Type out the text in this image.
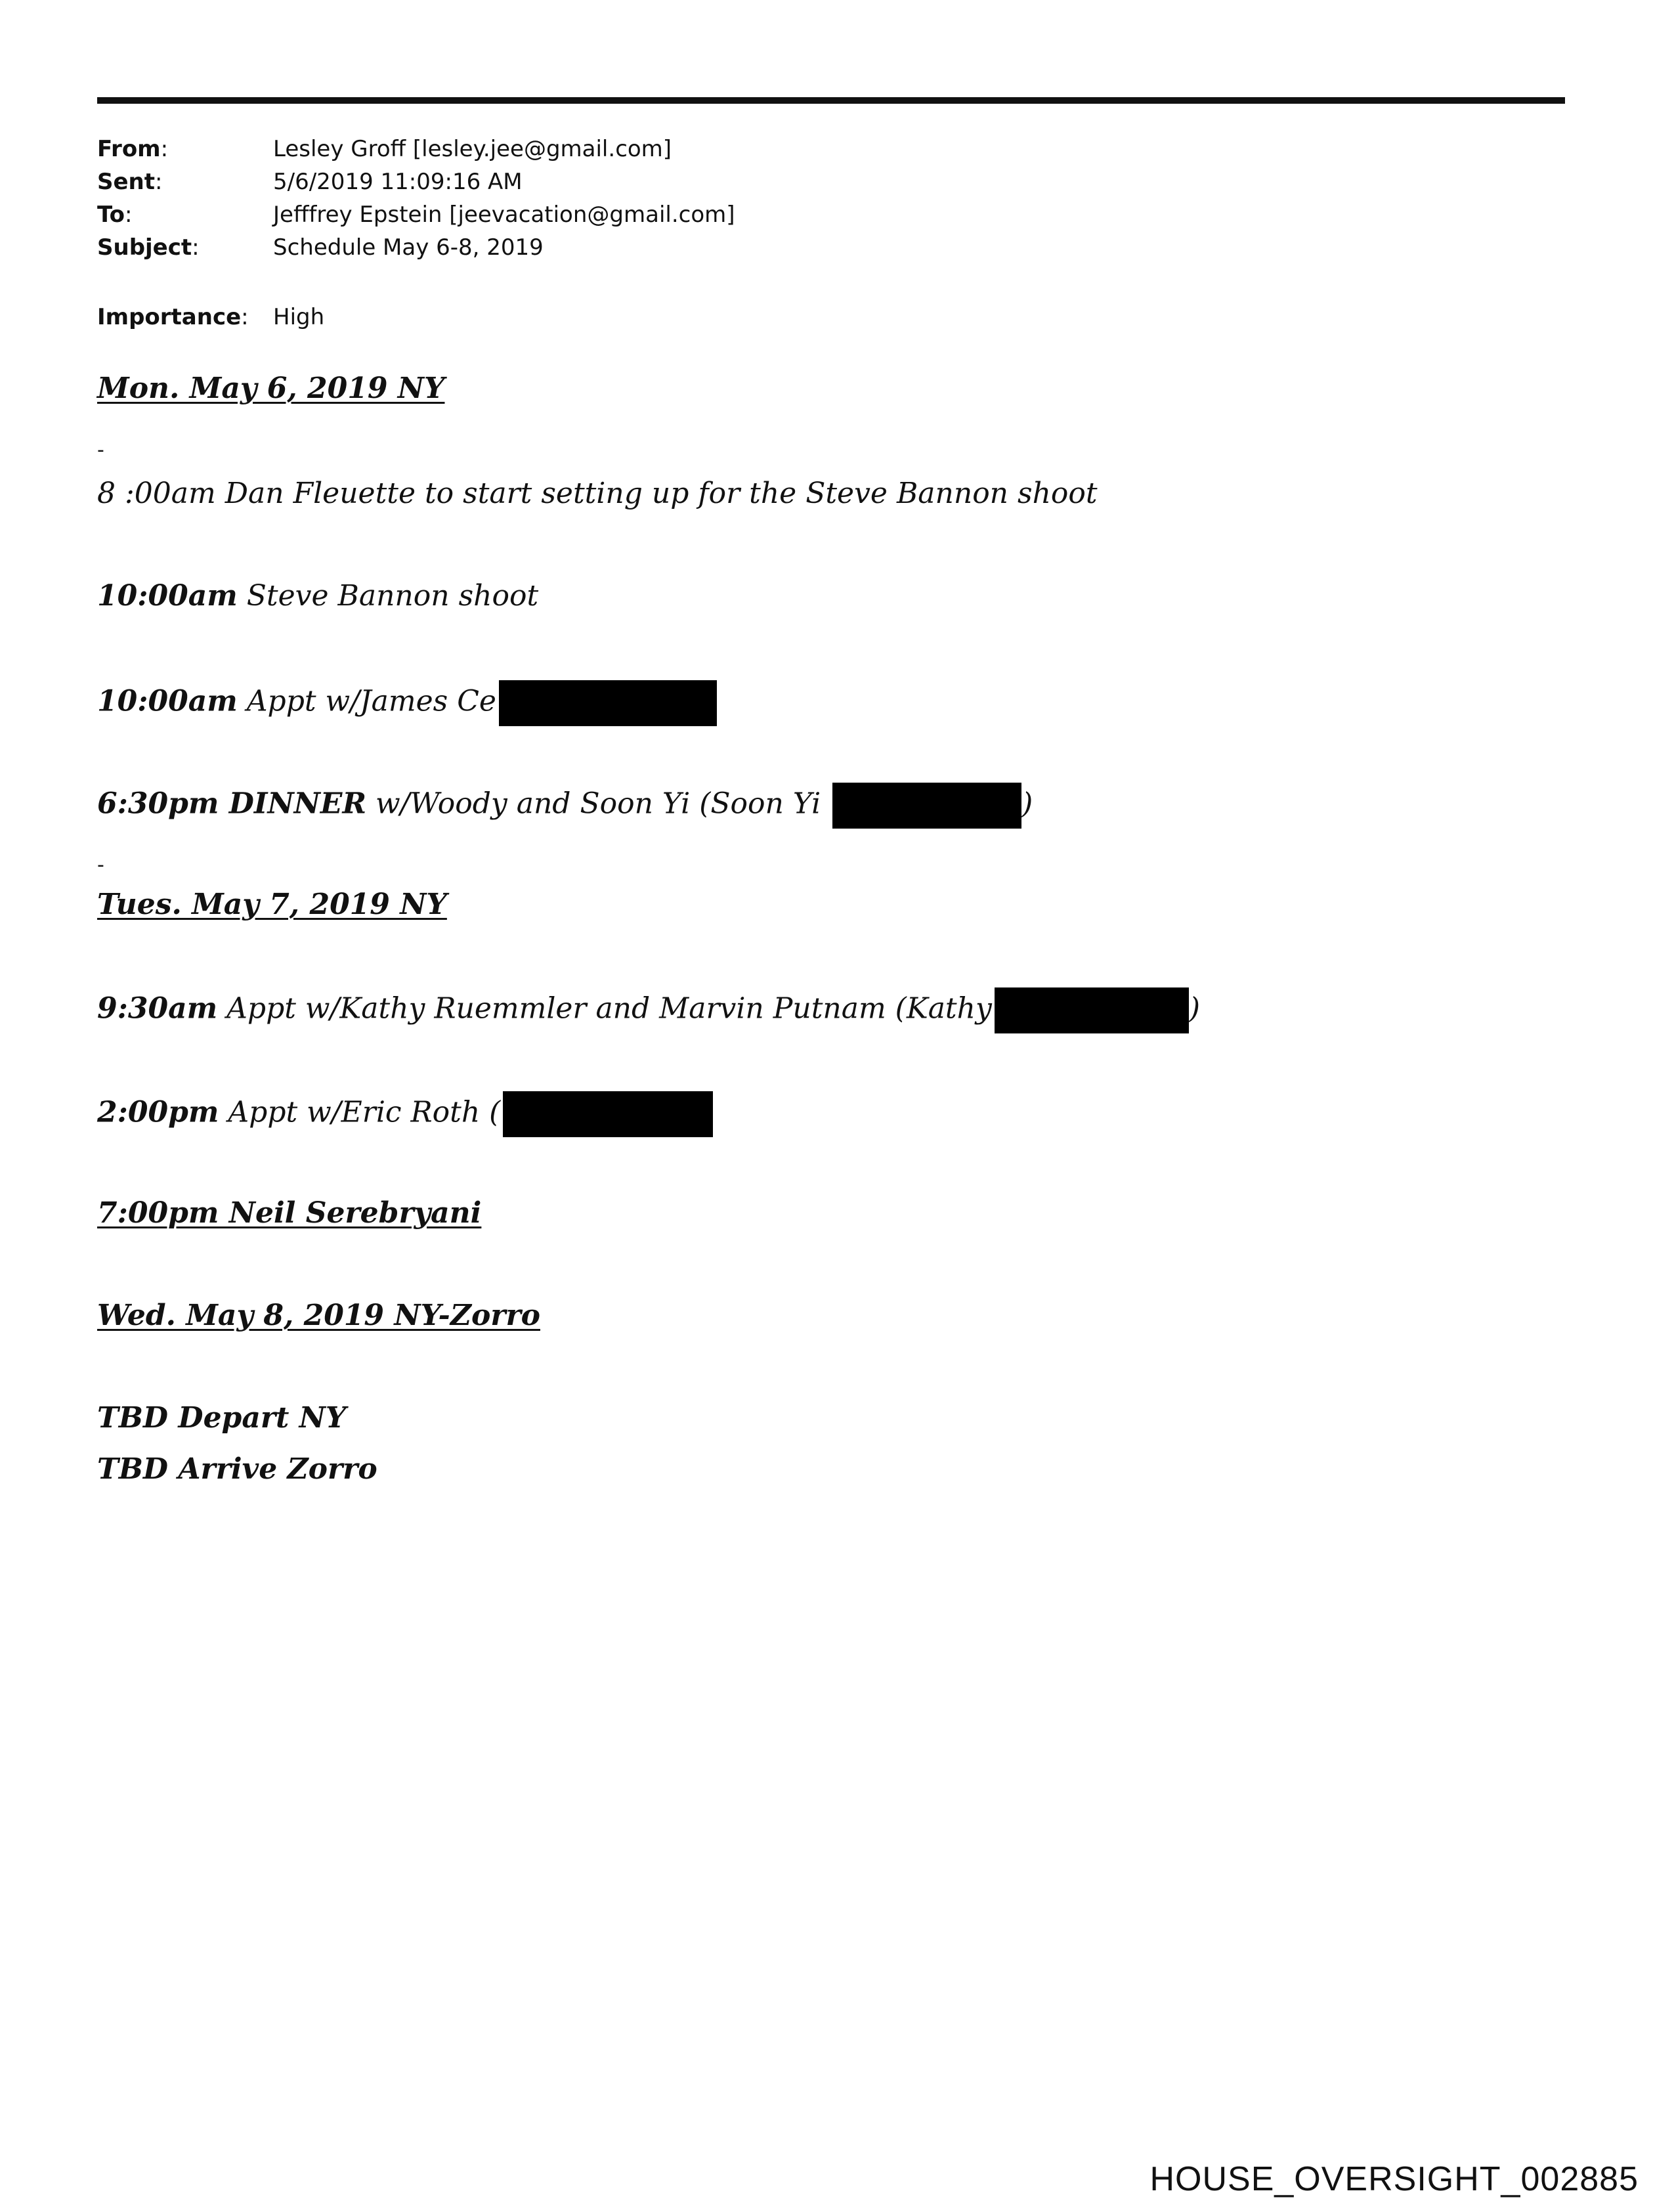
From:	Lesley Groff [lesley.jee@gmail.com]
Sent:	5/6/2019 11:09:16 AM
To:	Jefffrey Epstein [jeevacation@gmail.com]
Subject:	Schedule May 6-8, 2019
Importance:	High
Mon. May 6, 2019 NY
-
8 :00am Dan Fleuette to start setting up for the Steve Bannon shoot
10:00am Steve Bannon shoot
10:00am Appt w/James Ce
6:30pm DINNER w/Woody and Soon Yi (Soon Yi	)
-
Tues. May 7, 2019 NY
9:30am Appt w/Kathy Ruemmler and Marvin Putnam (Kathy	)
2:00pm Appt w/Eric Roth (
7:00pm Neil Serebryani
Wed. May 8, 2019 NY-Zorro
TBD Depart NY
TBD Arrive Zorro
HOUSE_OVERSIGHT_002885
